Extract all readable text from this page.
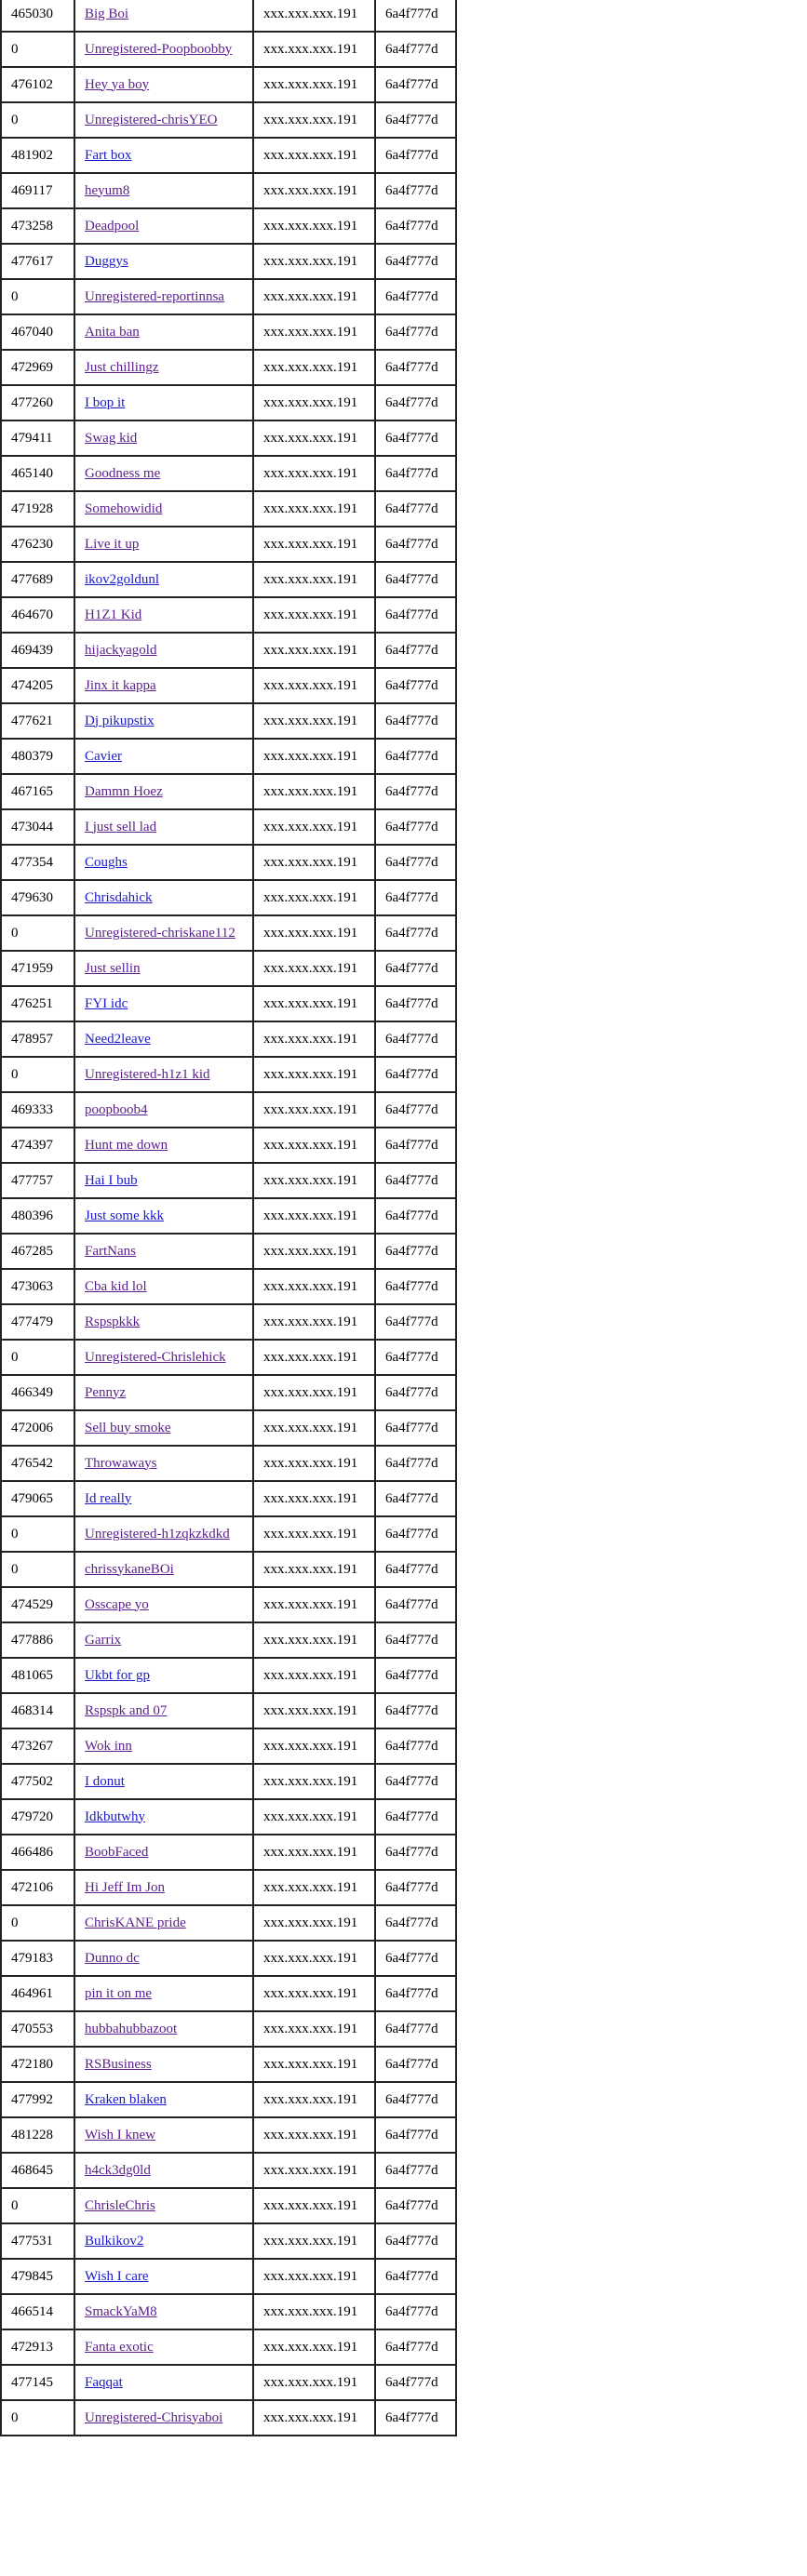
465030	Big Boi	xxx.xxx.xxx.191	6a4f777d
0	Unregistered-Poopboobby	xxx.xxx.xxx.191	6a4f777d
476102	Hey ya boy	xxx.xxx.xxx.191	6a4f777d
0	Unregistered-chrisYEO	xxx.xxx.xxx.191	6a4f777d
481902	Fart box	xxx.xxx.xxx.191	6a4f777d
469117	heyum8	xxx.xxx.xxx.191	6a4f777d
473258	Deadpool	xxx.xxx.xxx.191	6a4f777d
477617	Duggys	xxx.xxx.xxx.191	6a4f777d
0	Unregistered-reportinnsa	xxx.xxx.xxx.191	6a4f777d
467040	Anita ban	xxx.xxx.xxx.191	6a4f777d
472969	Just chillingz	xxx.xxx.xxx.191	6a4f777d
477260	I bop it	xxx.xxx.xxx.191	6a4f777d
479411	Swag kid	xxx.xxx.xxx.191	6a4f777d
465140	Goodness me	xxx.xxx.xxx.191	6a4f777d
471928	Somehowidid	xxx.xxx.xxx.191	6a4f777d
476230	Live it up	xxx.xxx.xxx.191	6a4f777d
477689	ikov2goldunl	xxx.xxx.xxx.191	6a4f777d
464670	H1Z1 Kid	xxx.xxx.xxx.191	6a4f777d
469439	hijackyagold	xxx.xxx.xxx.191	6a4f777d
474205	Jinx it kappa	xxx.xxx.xxx.191	6a4f777d
477621	Dj pikupstix	xxx.xxx.xxx.191	6a4f777d
480379	Cavier	xxx.xxx.xxx.191	6a4f777d
467165	Dammn Hoez	xxx.xxx.xxx.191	6a4f777d
473044	I just sell lad	xxx.xxx.xxx.191	6a4f777d
477354	Coughs	xxx.xxx.xxx.191	6a4f777d
479630	Chrisdahick	xxx.xxx.xxx.191	6a4f777d
0	Unregistered-chriskane112	xxx.xxx.xxx.191	6a4f777d
471959	Just sellin	xxx.xxx.xxx.191	6a4f777d
476251	FYI idc	xxx.xxx.xxx.191	6a4f777d
478957	Need2leave	xxx.xxx.xxx.191	6a4f777d
0	Unregistered-h1z1 kid	xxx.xxx.xxx.191	6a4f777d
469333	poopboob4	xxx.xxx.xxx.191	6a4f777d
474397	Hunt me down	xxx.xxx.xxx.191	6a4f777d
477757	Hai I bub	xxx.xxx.xxx.191	6a4f777d
480396	Just some kkk	xxx.xxx.xxx.191	6a4f777d
467285	FartNans	xxx.xxx.xxx.191	6a4f777d
473063	Cba kid lol	xxx.xxx.xxx.191	6a4f777d
477479	Rspspkkk	xxx.xxx.xxx.191	6a4f777d
0	Unregistered-Chrislehick	xxx.xxx.xxx.191	6a4f777d
466349	Pennyz	xxx.xxx.xxx.191	6a4f777d
472006	Sell buy smoke	xxx.xxx.xxx.191	6a4f777d
476542	Throwaways	xxx.xxx.xxx.191	6a4f777d
479065	Id really	xxx.xxx.xxx.191	6a4f777d
0	Unregistered-h1zqkzkdkd	xxx.xxx.xxx.191	6a4f777d
0	chrissykaneBOi	xxx.xxx.xxx.191	6a4f777d
474529	Osscape yo	xxx.xxx.xxx.191	6a4f777d
477886	Garrix	xxx.xxx.xxx.191	6a4f777d
481065	Ukbt for gp	xxx.xxx.xxx.191	6a4f777d
468314	Rspspk and 07	xxx.xxx.xxx.191	6a4f777d
473267	Wok inn	xxx.xxx.xxx.191	6a4f777d
477502	I donut	xxx.xxx.xxx.191	6a4f777d
479720	Idkbutwhy	xxx.xxx.xxx.191	6a4f777d
466486	BoobFaced	xxx.xxx.xxx.191	6a4f777d
472106	Hi Jeff Im Jon	xxx.xxx.xxx.191	6a4f777d
0	ChrisKANE pride	xxx.xxx.xxx.191	6a4f777d
479183	Dunno dc	xxx.xxx.xxx.191	6a4f777d
464961	pin it on me	xxx.xxx.xxx.191	6a4f777d
470553	hubbahubbazoot	xxx.xxx.xxx.191	6a4f777d
472180	RSBusiness	xxx.xxx.xxx.191	6a4f777d
477992	Kraken blaken	xxx.xxx.xxx.191	6a4f777d
481228	Wish I knew	xxx.xxx.xxx.191	6a4f777d
468645	h4ck3dg0ld	xxx.xxx.xxx.191	6a4f777d
0	ChrisleChris	xxx.xxx.xxx.191	6a4f777d
477531	Bulkikov2	xxx.xxx.xxx.191	6a4f777d
479845	Wish I care	xxx.xxx.xxx.191	6a4f777d
466514	SmackYaM8	xxx.xxx.xxx.191	6a4f777d
472913	Fanta exotic	xxx.xxx.xxx.191	6a4f777d
477145	Faqqat	xxx.xxx.xxx.191	6a4f777d
0	Unregistered-Chrisyaboi	xxx.xxx.xxx.191	6a4f777d
